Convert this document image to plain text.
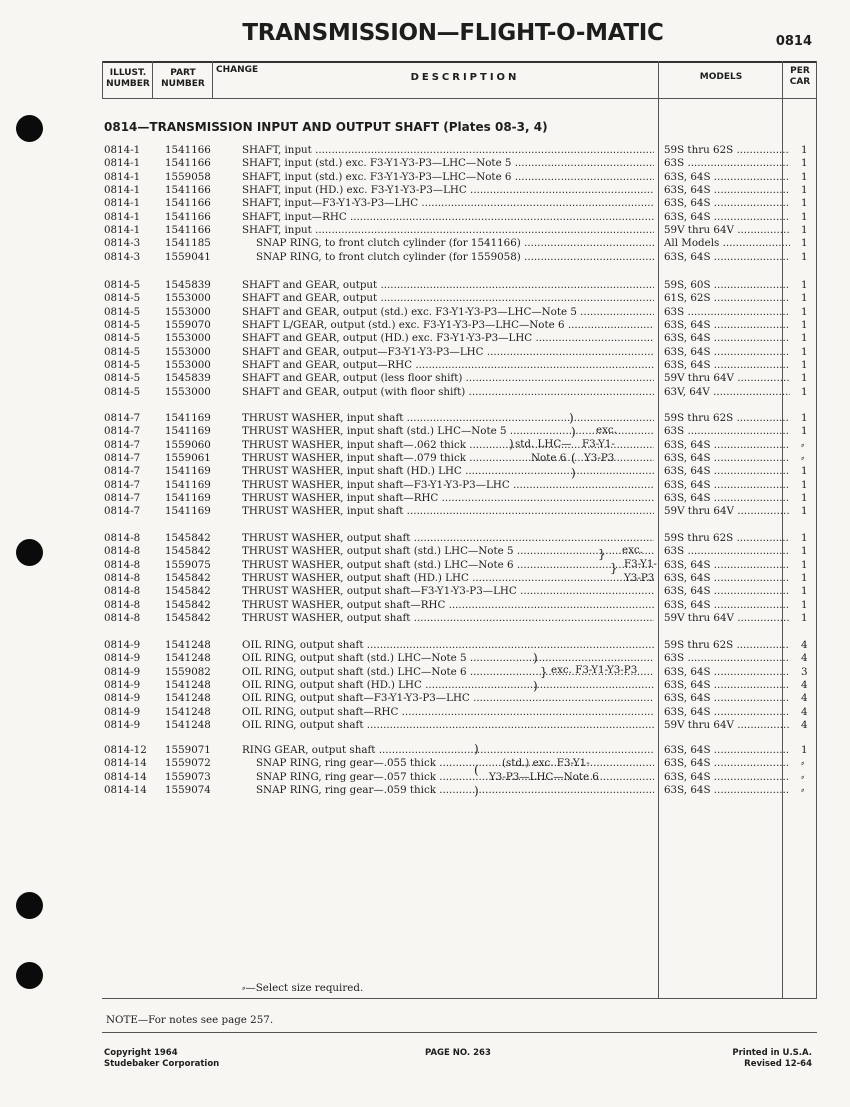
TRANSMISSION—FLIGHT-O-MATIC	0814
ILLUST.
NUMBER
PART
NUMBER
CHANGE
DESCRIPTION	MODELS
PER
CAR
0814—TRANSMISSION INPUT AND OUTPUT SHAFT (Plates 08-3, 4)
0814-1 1541166	SHAFT, input .....	59S thru 62S .....	1
0814-1 1541166	SHAFT, input (std.) exc. F3-Y1-Y3-P3—LHC—Note 5 .....	63S .....	1
0814-1 1559058	SHAFT, input (std.) exc. F3-Y1-Y3-P3—LHC—Note 6 .....	63S, 64S .....	1
0814-1 1541166	SHAFT, input (HD.) exc. F3-Y1-Y3-P3—LHC .....	63S, 64S .....	1
0814-1 1541166	SHAFT, input—F3-Y1-Y3-P3—LHC .....	63S, 64S .....	1
0814-1 1541166	SHAFT, input—RHC .....	63S, 64S .....	1
0814-1 1541166	SHAFT, input .....	59V thru 64V .....	1
0814-3 1541185	SNAP RING, to front clutch cylinder (for 1541166) .....	All Models .....	1
0814-3 1559041	SNAP RING, to front clutch cylinder (for 1559058) .....	63S, 64S .....	1
0814-5 1545839	SHAFT and GEAR, output .....	59S, 60S .....	1
0814-5 1553000	SHAFT and GEAR, output .....	61S, 62S .....	1
0814-5 1553000	SHAFT and GEAR, output (std.) exc. F3-Y1-Y3-P3—LHC—Note 5 .....	63S .....	1
0814-5 1559070	SHAFT L/GEAR, output (std.) exc. F3-Y1-Y3-P3—LHC—Note 6 .....	63S, 64S .....	1
0814-5 1553000	SHAFT and GEAR, output (HD.) exc. F3-Y1-Y3-P3—LHC .....	63S, 64S .....	1
0814-5 1553000	SHAFT and GEAR, output—F3-Y1-Y3-P3—LHC .....	63S, 64S .....	1
0814-5 1553000	SHAFT and GEAR, output—RHC .....	63S, 64S .....	1
0814-5 1545839	SHAFT and GEAR, output (less floor shift) .....	59V thru 64V .....	1
0814-5 1553000	SHAFT and GEAR, output (with floor shift) .....	63V, 64V .....	1
0814-7 1541169	THRUST WASHER, input shaft .....	59S thru 62S .....	1
0814-7 1541169	THRUST WASHER, input shaft (std.) LHC—Note 5 .....	63S .....	1
0814-7 1559060	THRUST WASHER, input shaft—.062 thick .....	63S, 64S .....	⸗
0814-7 1559061	THRUST WASHER, input shaft—.079 thick .....	63S, 64S .....	⸗
0814-7 1541169	THRUST WASHER, input shaft (HD.) LHC .....	63S, 64S .....	1
0814-7 1541169	THRUST WASHER, input shaft—F3-Y1-Y3-P3—LHC .....	63S, 64S .....	1
0814-7 1541169	THRUST WASHER, input shaft—RHC .....	63S, 64S .....	1
0814-7 1541169	THRUST WASHER, input shaft .....	59V thru 64V .....	1
0814-8 1545842	THRUST WASHER, output shaft .....	59S thru 62S .....	1
0814-8 1545842	THRUST WASHER, output shaft (std.) LHC—Note 5 .....	63S .....	1
0814-8 1559075	THRUST WASHER, output shaft (std.) LHC—Note 6 .....	63S, 64S .....	1
0814-8 1545842	THRUST WASHER, output shaft (HD.) LHC .....	63S, 64S .....	1
0814-8 1545842	THRUST WASHER, output shaft—F3-Y1-Y3-P3—LHC .....	63S, 64S .....	1
0814-8 1545842	THRUST WASHER, output shaft—RHC .....	63S, 64S .....	1
0814-8 1545842	THRUST WASHER, output shaft .....	59V thru 64V .....	1
0814-9 1541248	OIL RING, output shaft .....	59S thru 62S .....	4
0814-9 1541248	OIL RING, output shaft (std.) LHC—Note 5 .....	63S .....	4
0814-9 1559082	OIL RING, output shaft (std.) LHC—Note 6 .....	63S, 64S .....	3
0814-9 1541248	OIL RING, output shaft (HD.) LHC .....	63S, 64S .....	4
0814-9 1541248	OIL RING, output shaft—F3-Y1-Y3-P3—LHC .....	63S, 64S .....	4
0814-9 1541248	OIL RING, output shaft—RHC .....	63S, 64S .....	4
0814-9 1541248	OIL RING, output shaft .....	59V thru 64V .....	4
0814-12 1559071	RING GEAR, output shaft .....	63S, 64S .....	1
0814-14 1559072	SNAP RING, ring gear—.055 thick .....	63S, 64S .....	⸗
0814-14 1559073	SNAP RING, ring gear—.057 thick .....	63S, 64S .....	⸗
0814-14 1559074	SNAP RING, ring gear—.059 thick .....	63S, 64S .....	⸗
exc.
std. LHC— F3-Y1-
Note 6 Y3-P3
)
)
)
)
(
exc.
F3-Y1-
Y3-P3
}
}
exc. F3-Y1-Y3-P3
)
}
)
(std.) exc. F3-Y1-
Y3-P3—LHC—Note 6
)
(
)
⸗—Select size required.
NOTE—For notes see page 257.
Copyright 1964
Studebaker Corporation
PAGE NO. 263	Printed in U.S.A.
Revised 12-64
